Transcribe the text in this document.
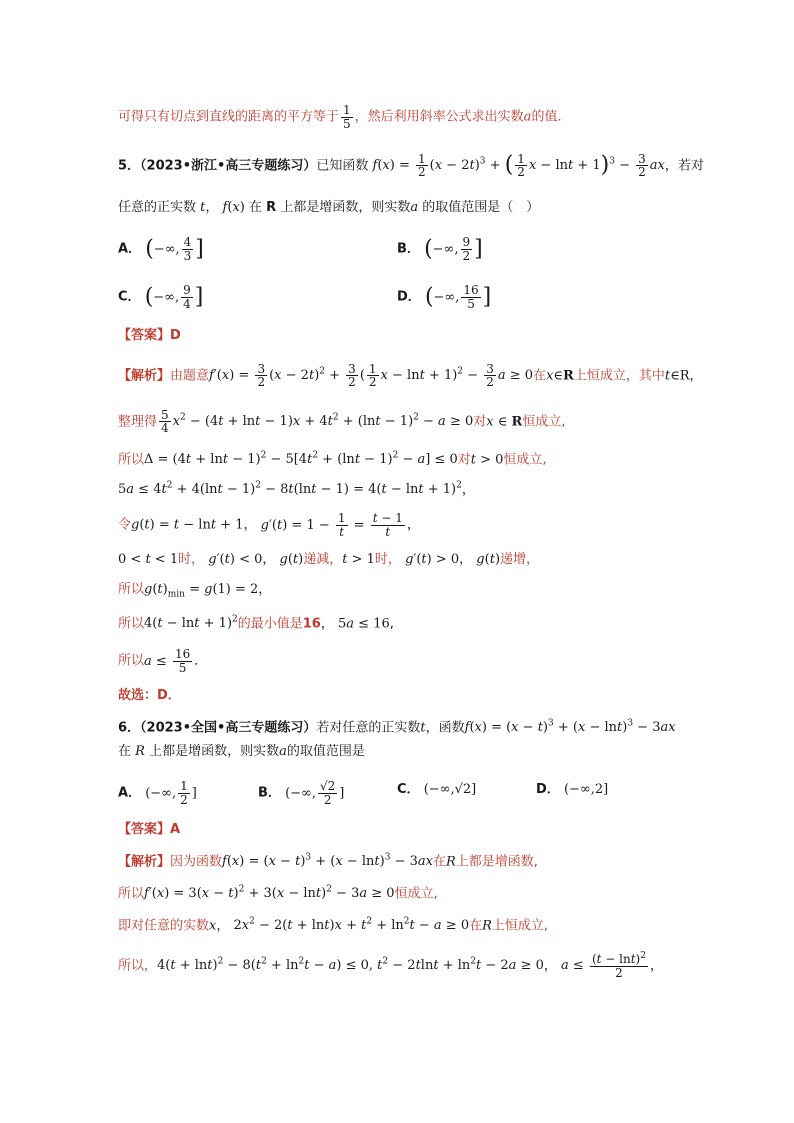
可得只有切点到直线的距离的平方等于 $\frac{1}{5}$ ，然后利用斜率公式求出实数a的值.
5．（2023•浙江•高三专题练习）已知函数 $f(x) = \frac{1}{2} (x - 2t)^3$ + ( $\frac{1}{2}$ $x - \ln t + 1)^3 - \frac{3}{2}$ ax，若对
任意的正实数 t， f(x) 在 R 上都是增函数，则实数a 的取值范围是（　）
A． (−∞, $\frac{4}{3}$ ]	B． (−∞, $\frac{9}{2}$ ]
C． (−∞, $\frac{9}{4}$ ]	D． (−∞, $\frac{16}{5}$ ]
【答案】D
【解析】由题意$f'(x) = \frac{3}{2} (x - 2t)^2 + \frac{3}{2}$ ( $\frac{1}{2}$ $x - \ln t + 1)^2 - \frac{3}{2}$ a ≥ 0在x∈R上恒成立，其中t∈R，
整理得 $\frac{5}{4} x^2 - (4t + \ln t - 1)x + 4t^2 + (\ln t - 1)^2 - a \ge 0$对x ∈ R恒成立,
所以$\Delta = (4t + \ln t - 1)^2 - 5[4t^2 + (\ln t - 1)^2 - a] \le 0$对t > 0恒成立,
$5a \le 4t^2 + 4(\ln t - 1)^2 - 8t(\ln t - 1) = 4(t - \ln t + 1)^2$，
令g(t) = t − lnt + 1， $g'(t) = 1 - \frac{1}{t} = \frac{t - 1}{t}$ ，
0 < t < 1时， g′(t) < 0， g(t)递减，t > 1时， g′(t) > 0， g(t)递增，
所以$g(t)_{min} = g(1) = 2$，
所以$4(t - \ln t + 1)^2$的最小值是16， 5a ≤ 16,
所以$a \le \frac{16}{5}$ ．
故选：D．
6．（2023•全国•高三专题练习）若对任意的正实数t，函数$f(x) = (x - t)^3 + (x - \ln t)^3 - 3ax$
在 R 上都是增函数，则实数a的取值范围是
A． (−∞, $\frac{1}{2}$ ]	B． (−∞, $\frac{√2}{2}$ ]	C． (−∞,√2]	D． (−∞,2]
【答案】A
【解析】因为函数$f(x) = (x - t)^3 + (x - \ln t)^3 - 3ax$在R上都是增函数,
所以$f'(x) = 3(x - t)^2 + 3(x - \ln t)^2 - 3a \ge 0$恒成立,
即对任意的实数x， $2x^2 - 2(t + \ln t)x + t^2 + \ln^2t - a \ge 0$在R上恒成立,
所以，$4(t + \ln t)^2 - 8(t^2 + \ln^2t - a) \le 0$, $t^2 - 2tlnt + \ln^2t - 2a \ge 0$， $a \le \frac{(t - \ln t)^2}{2}$ ，
